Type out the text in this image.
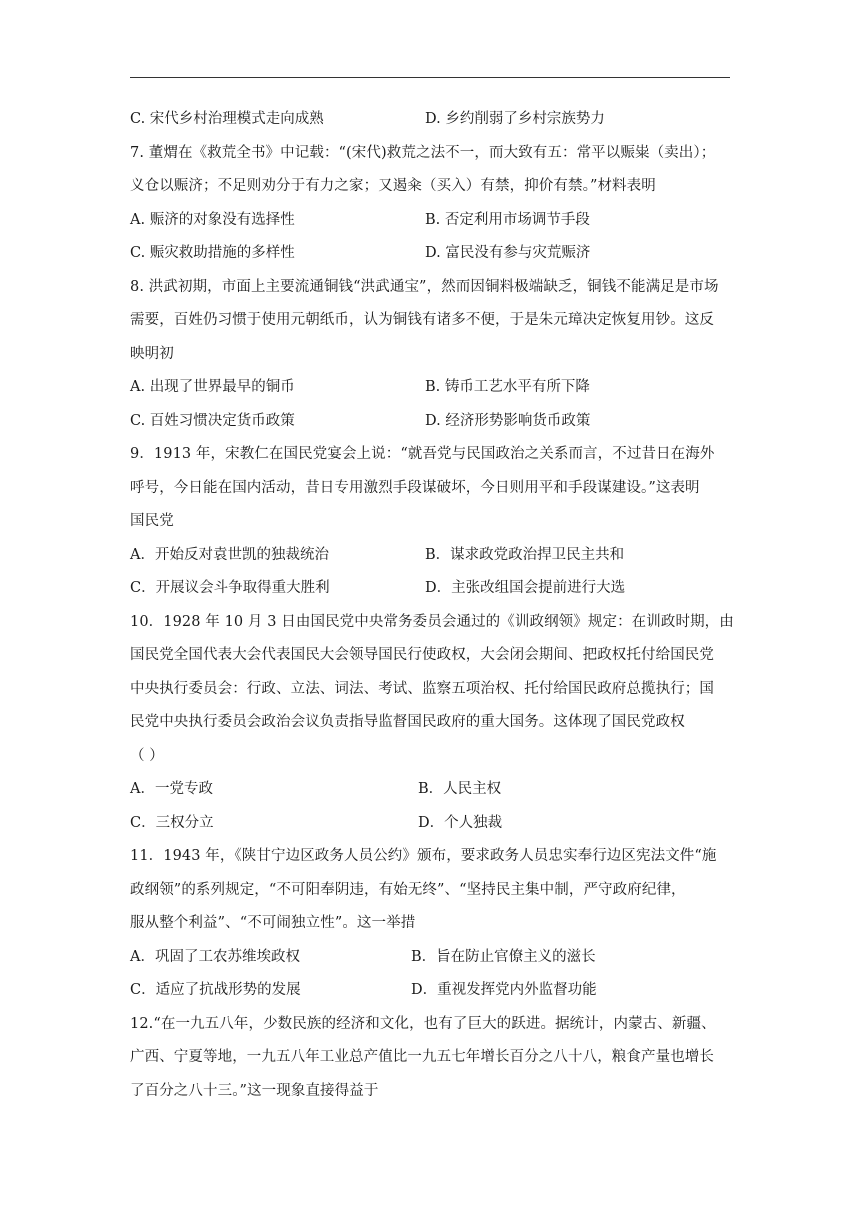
C. 宋代乡村治理模式走向成熟	D. 乡约削弱了乡村宗族势力
7. 董煟在《救荒全书》中记载：“(宋代)救荒之法不一，而大致有五：常平以赈粜（卖出）；
义仓以赈济；不足则劝分于有力之家；又遏籴（买入）有禁，抑价有禁。”材料表明
A. 赈济的对象没有选择性	B. 否定利用市场调节手段
C. 赈灾救助措施的多样性	D. 富民没有参与灾荒赈济
8. 洪武初期，市面上主要流通铜钱“洪武通宝”，然而因铜料极端缺乏，铜钱不能满足是市场
需要，百姓仍习惯于使用元朝纸币，认为铜钱有诸多不便，于是朱元璋决定恢复用钞。这反
映明初
A. 出现了世界最早的铜币	B. 铸币工艺水平有所下降
C. 百姓习惯决定货币政策	D. 经济形势影响货币政策
9．1913 年，宋教仁在国民党宴会上说：“就吾党与民国政治之关系而言，不过昔日在海外
呼号，今日能在国内活动，昔日专用激烈手段谋破坏，今日则用平和手段谋建设。”这表明
国民党
A．开始反对袁世凯的独裁统治	B．谋求政党政治捍卫民主共和
C．开展议会斗争取得重大胜利	D．主张改组国会提前进行大选
10．1928 年 10 月 3 日由国民党中央常务委员会通过的《训政纲领》规定：在训政时期，由
国民党全国代表大会代表国民大会领导国民行使政权，大会闭会期间、把政权托付给国民党
中央执行委员会：行政、立法、词法、考试、监察五项治权、托付给国民政府总揽执行；国
民党中央执行委员会政治会议负责指导监督国民政府的重大国务。这体现了国民党政权
（ ）
A．一党专政	B．人民主权
C．三权分立	D．个人独裁
11．1943 年，《陕甘宁边区政务人员公约》颁布，要求政务人员忠实奉行边区宪法文件“施
政纲领”的系列规定，“不可阳奉阴违，有始无终”、“坚持民主集中制，严守政府纪律，
服从整个利益”、“不可闹独立性”。这一举措
A．巩固了工农苏维埃政权	B．旨在防止官僚主义的滋长
C．适应了抗战形势的发展	D．重视发挥党内外监督功能
12.“在一九五八年，少数民族的经济和文化，也有了巨大的跃进。据统计，内蒙古、新疆、
广西、宁夏等地，一九五八年工业总产值比一九五七年增长百分之八十八，粮食产量也增长
了百分之八十三。”这一现象直接得益于
